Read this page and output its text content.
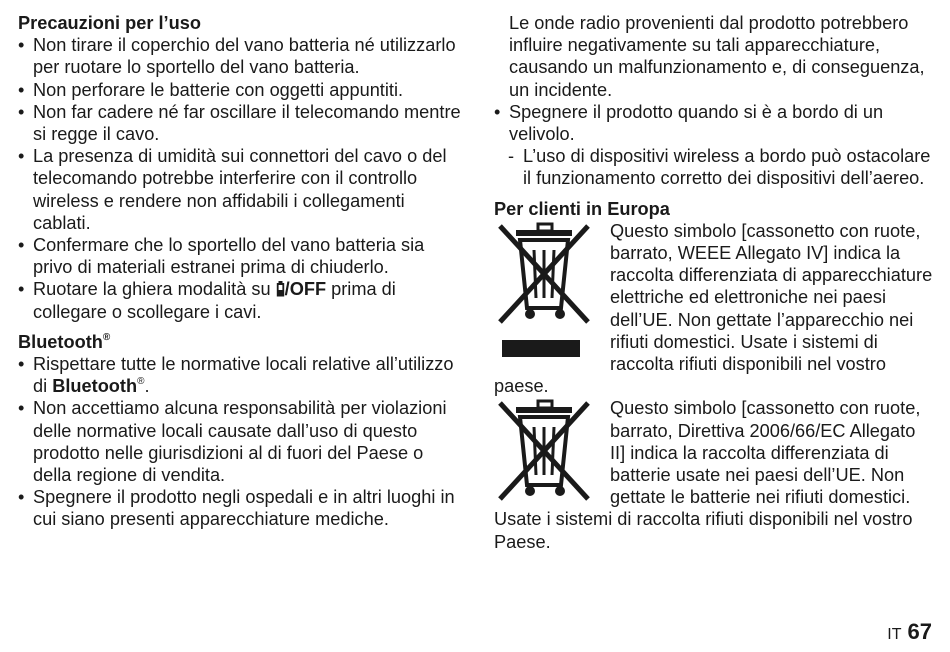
Precauzioni per l’uso
• Non tirare il coperchio del vano batteria né utilizzarlo per ruotare lo sportello del vano batteria.
• Non perforare le batterie con oggetti appuntiti.
• Non far cadere né far oscillare il telecomando mentre si regge il cavo.
• La presenza di umidità sui connettori del cavo o del telecomando potrebbe interferire con il controllo wireless e rendere non affidabili i collegamenti cablati.
• Confermare che lo sportello del vano batteria sia privo di materiali estranei prima di chiuderlo.
• Ruotare la ghiera modalità su /OFF prima di collegare o scollegare i cavi.
Bluetooth®
• Rispettare tutte le normative locali relative all’utilizzo di Bluetooth®.
• Non accettiamo alcuna responsabilità per violazioni delle normative locali causate dall’uso di questo prodotto nelle giurisdizioni al di fuori del Paese o della regione di vendita.
• Spegnere il prodotto negli ospedali e in altri luoghi in cui siano presenti apparecchiature mediche.
Le onde radio provenienti dal prodotto potrebbero influire negativamente su tali apparecchiature, causando un malfunzionamento e, di conseguenza, un incidente.
• Spegnere il prodotto quando si è a bordo di un velivolo.
- L’uso di dispositivi wireless a bordo può ostacolare il funzionamento corretto dei dispositivi dell’aereo.
Per clienti in Europa

Questo simbolo [cassonetto con ruote, barrato, WEEE Allegato IV] indica la raccolta differenziata di apparecchiature elettriche ed elettroniche nei paesi dell’UE. Non gettate l’apparecchio nei rifiuti domestici. Usate i sistemi di raccolta rifiuti disponibili nel vostro paese.

Questo simbolo [cassonetto con ruote, barrato, Direttiva 2006/66/EC Allegato II] indica la raccolta differenziata di batterie usate nei paesi dell’UE. Non gettate le batterie nei rifiuti domestici. Usate i sistemi di raccolta rifiuti disponibili nel vostro Paese.

IT 67
